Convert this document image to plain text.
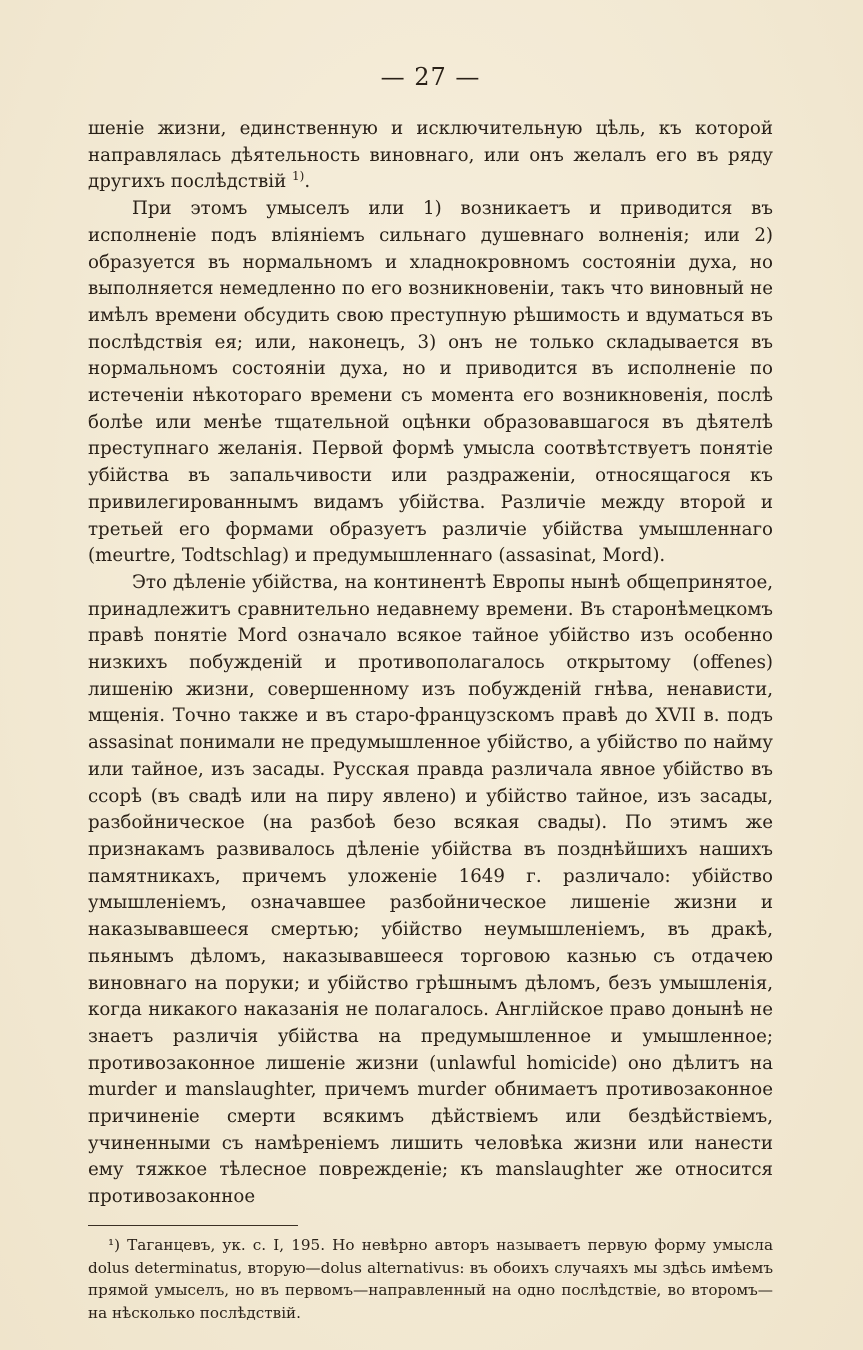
— 27 —

шеніе жизни, единственную и исключительную цѣль, къ которой направлялась дѣятельность виновнаго, или онъ желалъ его въ ряду другихъ послѣдствій $^{1)}$.

При этомъ умыселъ или 1) возникаетъ и приводится въ исполненіе подъ вліяніемъ сильнаго душевнаго волненія; или 2) образуется въ нормальномъ и хладнокровномъ состояніи духа, но выполняется немедленно по его возникновеніи, такъ что виновный не имѣлъ времени обсудить свою преступную рѣшимость и вдуматься въ послѣдствія ея; или, наконецъ, 3) онъ не только складывается въ нормальномъ состояніи духа, но и приводится въ исполненіе по истеченіи нѣкотораго времени съ момента его возникновенія, послѣ болѣе или менѣе тщательной оцѣнки образовавшагося въ дѣятелѣ преступнаго желанія. Первой формѣ умысла соотвѣтствуетъ понятіе убійства въ запальчивости или раздраженіи, относящагося къ привилегированнымъ видамъ убійства. Различіе между второй и третьей его формами образуетъ различіе убійства умышленнаго (meurtre, Todtschlag) и предумышленнаго (assasinat, Mord).

Это дѣленіе убійства, на континентѣ Европы нынѣ общепринятое, принадлежитъ сравнительно недавнему времени. Въ старонѣмецкомъ правѣ понятіе Mord означало всякое тайное убійство изъ особенно низкихъ побужденій и противополагалось открытому (offenes) лишенію жизни, совершенному изъ побужденій гнѣва, ненависти, мщенія. Точно также и въ старо-французскомъ правѣ до XVII в. подъ assasinat понимали не предумышленное убійство, а убійство по найму или тайное, изъ засады. Русская правда различала явное убійство въ ссорѣ (въ свадѣ или на пиру явлено) и убійство тайное, изъ засады, разбойническое (на разбоѣ безо всякая свады). По этимъ же признакамъ развивалось дѣленіе убійства въ позднѣйшихъ нашихъ памятникахъ, причемъ уложеніе 1649 г. различало: убійство умышленіемъ, означавшее разбойническое лишеніе жизни и наказывавшееся смертью; убійство неумышленіемъ, въ дракѣ, пьянымъ дѣломъ, наказывавшееся торговою казнью съ отдачею виновнаго на поруки; и убійство грѣшнымъ дѣломъ, безъ умышленія, когда никакого наказанія не полагалось. Англійское право донынѣ не знаетъ различія убійства на предумышленное и умышленное; противозаконное лишеніе жизни (unlawful homicide) оно дѣлитъ на murder и manslaughter, причемъ murder обнимаетъ противозаконное причиненіе смерти всякимъ дѣйствіемъ или бездѣйствіемъ, учиненными съ намѣреніемъ лишить человѣка жизни или нанести ему тяжкое тѣлесное поврежденіе; къ manslaughter же относится противозаконное

¹) Таганцевъ, ук. с. I, 195. Но невѣрно авторъ называетъ первую форму умысла dolus determinatus, вторую—dolus alternativus: въ обоихъ случаяхъ мы здѣсь имѣемъ прямой умыселъ, но въ первомъ—направленный на одно послѣдствіе, во второмъ—на нѣсколько послѣдствій.
